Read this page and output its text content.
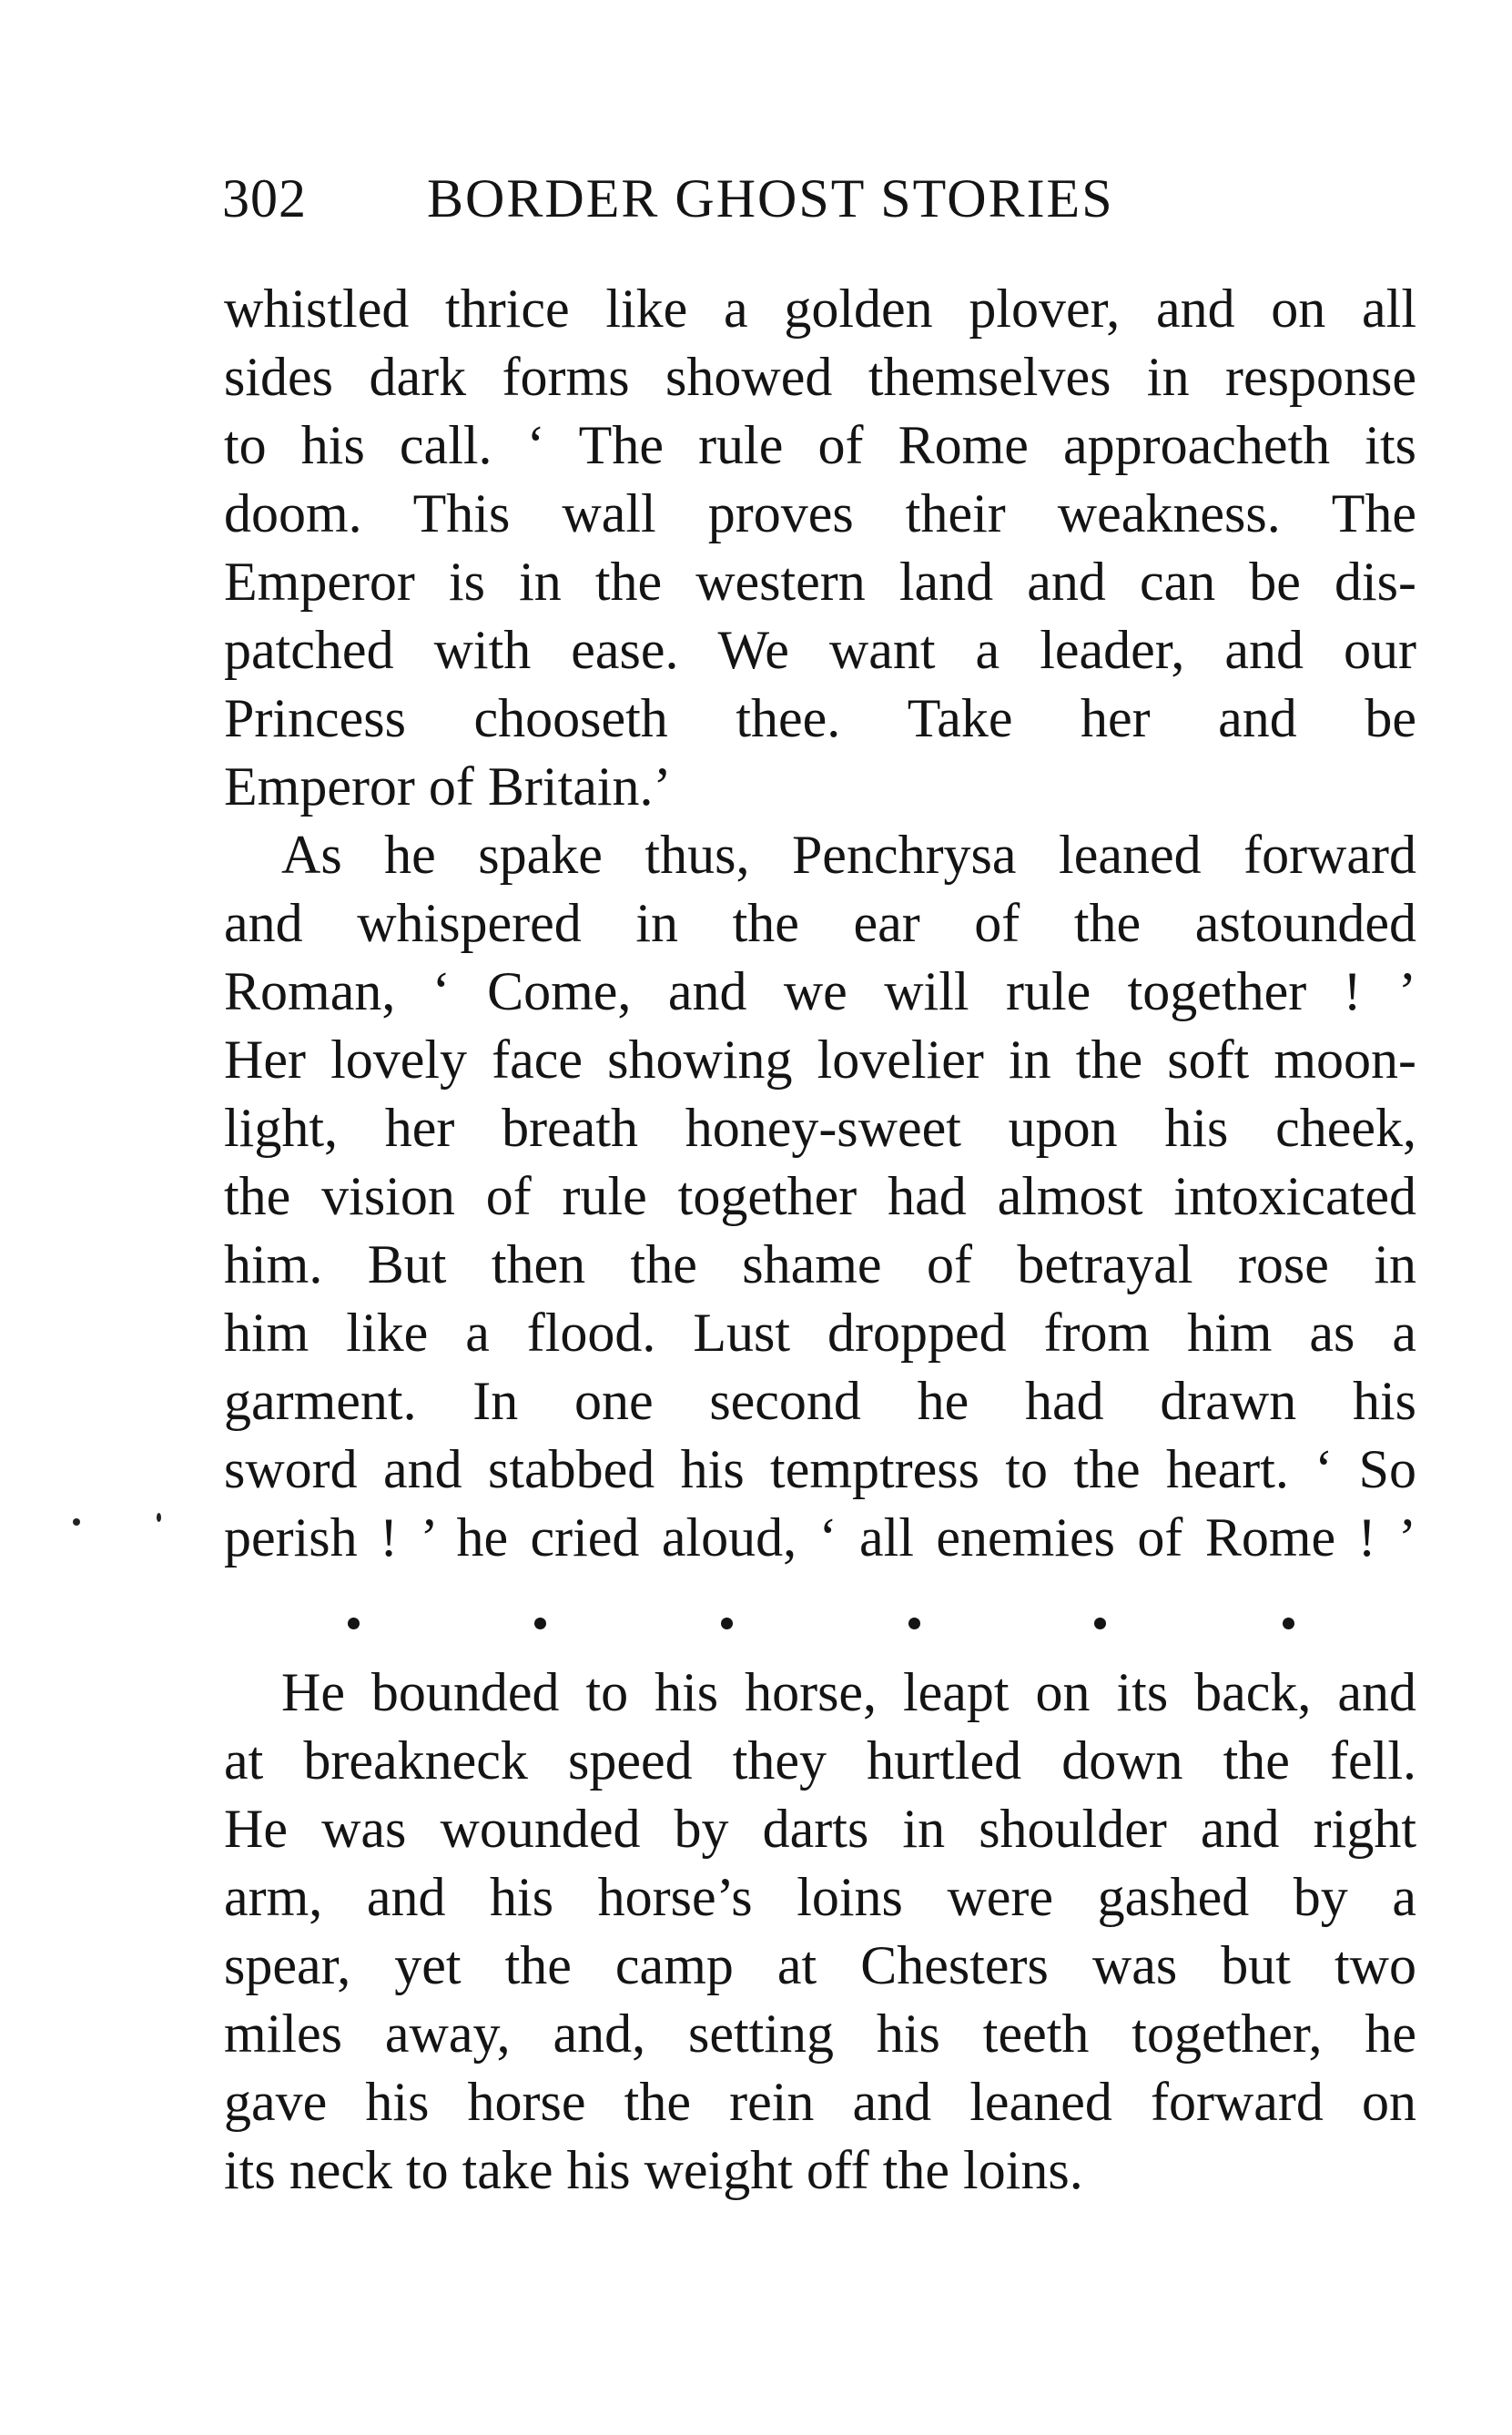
302 BORDER GHOST STORIES
whistled thrice like a golden plover, and on all
sides dark forms showed themselves in response
to his call. ‘ The rule of Rome approacheth its
doom. This wall proves their weakness. The
Emperor is in the western land and can be dis-
patched with ease. We want a leader, and our
Princess chooseth thee. Take her and be
Emperor of Britain.’
As he spake thus, Penchrysa leaned forward
and whispered in the ear of the astounded
Roman, ‘ Come, and we will rule together ! ’
Her lovely face showing lovelier in the soft moon-
light, her breath honey-sweet upon his cheek,
the vision of rule together had almost intoxicated
him. But then the shame of betrayal rose in
him like a flood. Lust dropped from him as a
garment. In one second he had drawn his
sword and stabbed his temptress to the heart. ‘ So
perish ! ’ he cried aloud, ‘ all enemies of Rome ! ’
He bounded to his horse, leapt on its back, and
at breakneck speed they hurtled down the fell.
He was wounded by darts in shoulder and right
arm, and his horse’s loins were gashed by a
spear, yet the camp at Chesters was but two
miles away, and, setting his teeth together, he
gave his horse the rein and leaned forward on
its neck to take his weight off the loins.
